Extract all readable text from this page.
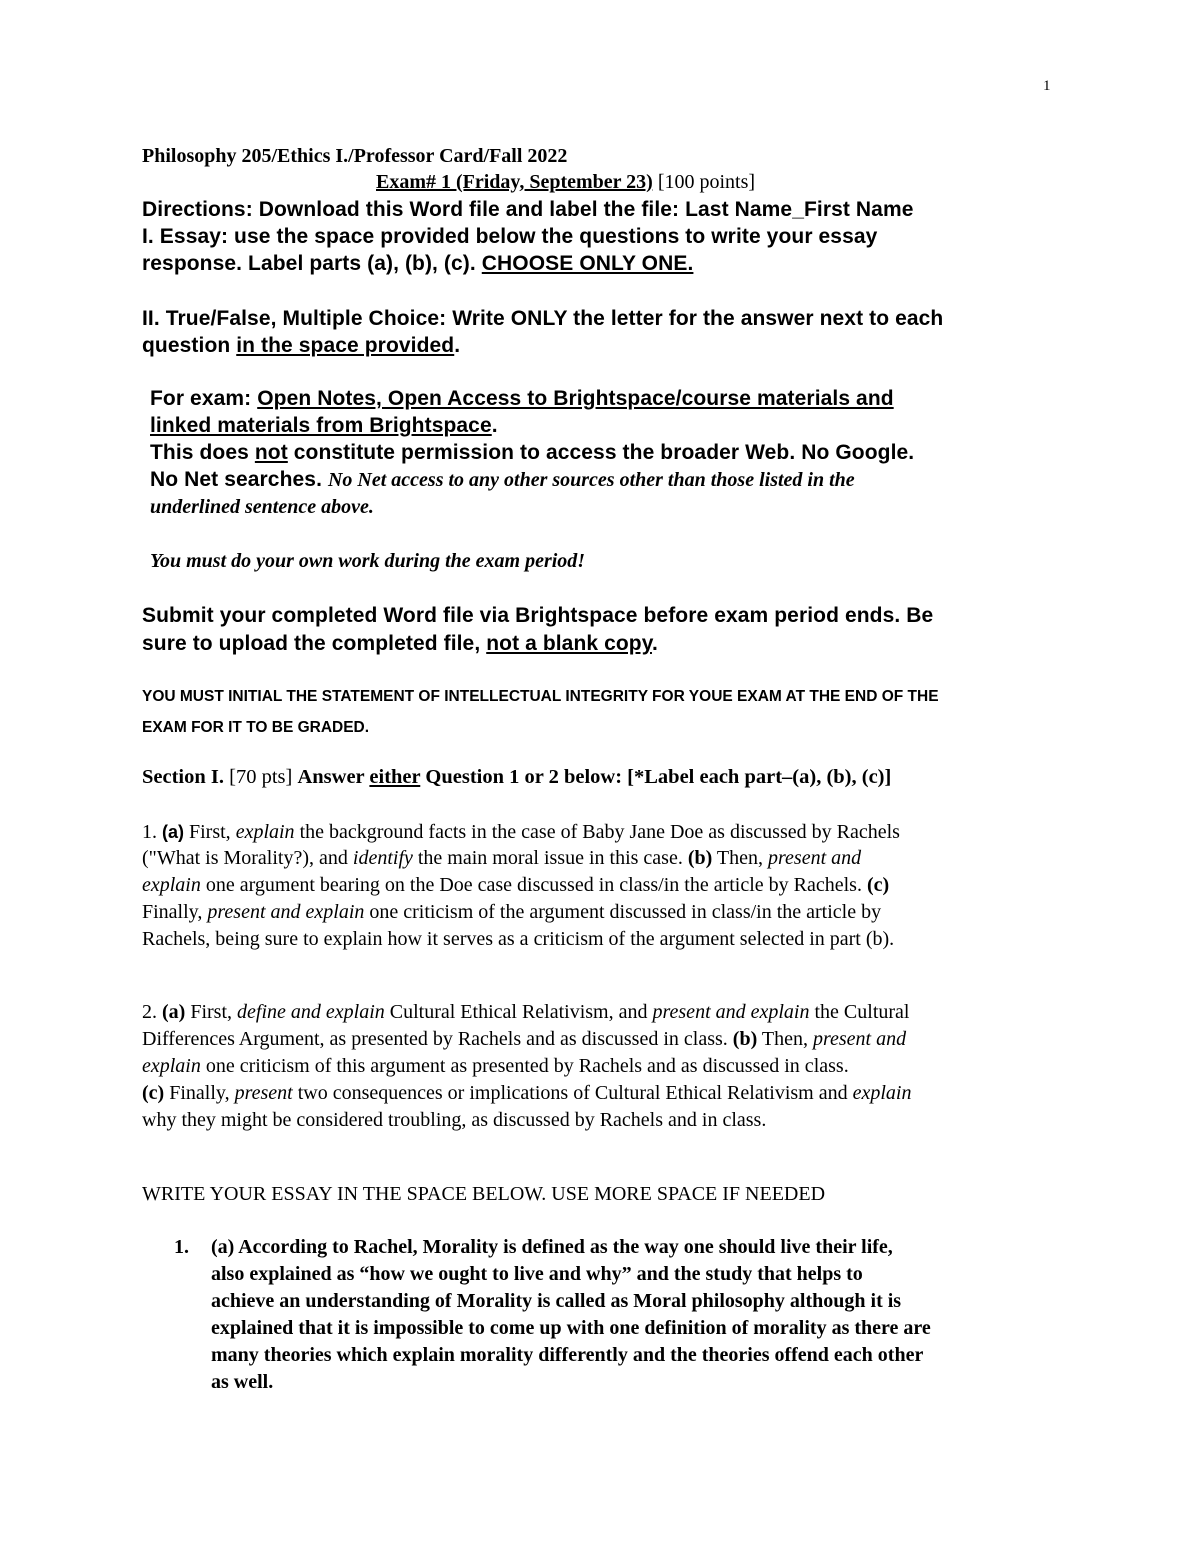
1
Philosophy 205/Ethics I./Professor Card/Fall 2022
Exam# 1 (Friday, September 23) [100 points]
Directions: Download this Word file and label the file: Last Name_First Name
I. Essay: use the space provided below the questions to write your essay
response. Label parts (a), (b), (c). CHOOSE ONLY ONE.
II. True/False, Multiple Choice: Write ONLY the letter for the answer next to each
question in the space provided.
For exam: Open Notes, Open Access to Brightspace/course materials and
linked materials from Brightspace.
This does not constitute permission to access the broader Web. No Google.
No Net searches. No Net access to any other sources other than those listed in the
underlined sentence above.
You must do your own work during the exam period!
Submit your completed Word file via Brightspace before exam period ends. Be
sure to upload the completed file, not a blank copy.
YOU MUST INITIAL THE STATEMENT OF INTELLECTUAL INTEGRITY FOR YOUE EXAM AT THE END OF THE
EXAM FOR IT TO BE GRADED.
Section I. [70 pts] Answer either Question 1 or 2 below: [*Label each part–(a), (b), (c)]
1. (a) First, explain the background facts in the case of Baby Jane Doe as discussed by Rachels
("What is Morality?), and identify the main moral issue in this case. (b) Then, present and
explain one argument bearing on the Doe case discussed in class/in the article by Rachels. (c)
Finally, present and explain one criticism of the argument discussed in class/in the article by
Rachels, being sure to explain how it serves as a criticism of the argument selected in part (b).
2. (a) First, define and explain Cultural Ethical Relativism, and present and explain the Cultural
Differences Argument, as presented by Rachels and as discussed in class. (b) Then, present and
explain one criticism of this argument as presented by Rachels and as discussed in class.
(c) Finally, present two consequences or implications of Cultural Ethical Relativism and explain
why they might be considered troubling, as discussed by Rachels and in class.
WRITE YOUR ESSAY IN THE SPACE BELOW. USE MORE SPACE IF NEEDED
1. (a) According to Rachel, Morality is defined as the way one should live their life,
also explained as “how we ought to live and why” and the study that helps to
achieve an understanding of Morality is called as Moral philosophy although it is
explained that it is impossible to come up with one definition of morality as there are
many theories which explain morality differently and the theories offend each other
as well.
